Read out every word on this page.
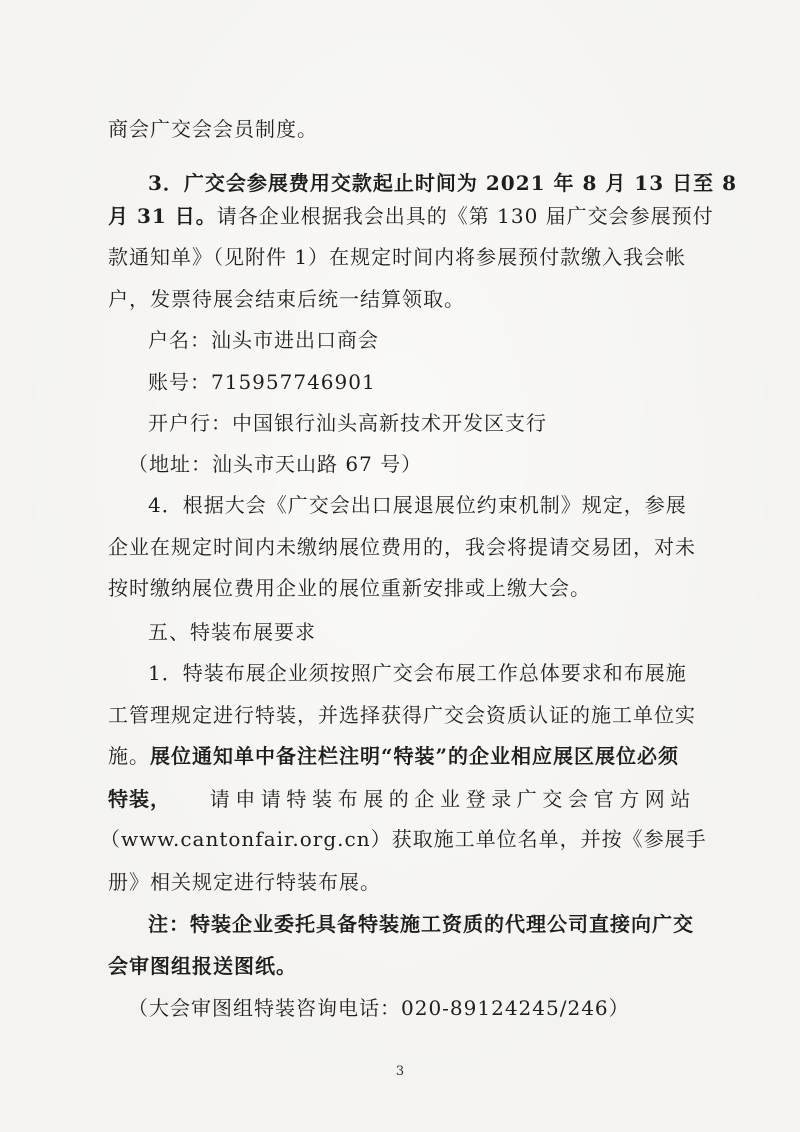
商会广交会会员制度。
3．广交会参展费用交款起止时间为 2021 年 8 月 13 日至 8
月 31 日。请各企业根据我会出具的《第 130 届广交会参展预付
款通知单》（见附件 1）在规定时间内将参展预付款缴入我会帐
户，发票待展会结束后统一结算领取。
户名：汕头市进出口商会
账号：715957746901
开户行：中国银行汕头高新技术开发区支行
（地址：汕头市天山路 67 号）
4．根据大会《广交会出口展退展位约束机制》规定，参展
企业在规定时间内未缴纳展位费用的，我会将提请交易团，对未
按时缴纳展位费用企业的展位重新安排或上缴大会。
五、特装布展要求
1．特装布展企业须按照广交会布展工作总体要求和布展施
工管理规定进行特装，并选择获得广交会资质认证的施工单位实
施。展位通知单中备注栏注明“特装”的企业相应展区展位必须
特装， 请申请特装布展的企业登录广交会官方网站
（www.cantonfair.org.cn）获取施工单位名单，并按《参展手
册》相关规定进行特装布展。
注：特装企业委托具备特装施工资质的代理公司直接向广交
会审图组报送图纸。
（大会审图组特装咨询电话：020-89124245/246）
3
